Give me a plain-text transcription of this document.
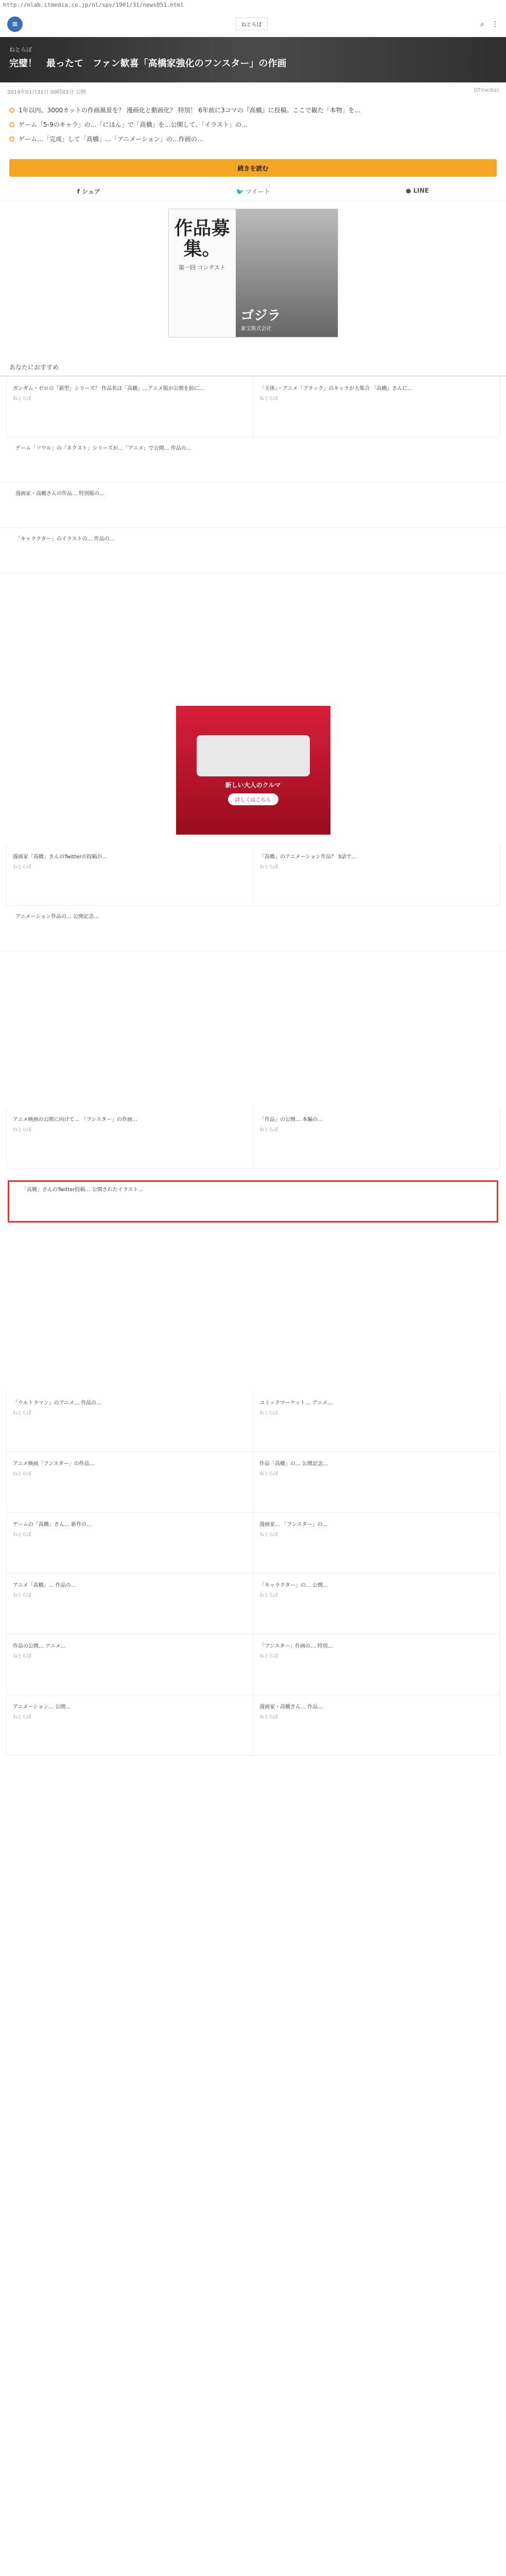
http://nlab.itmedia.co.jp/nl/spv/1901/31/news051.html
≡	ねとらぼ	⌕ ⋮
ねとらぼ
完璧！　最ったて　ファン歓喜「高橋家強化のフンスター」の作画
2019年01月31日 09時03分 公開	[ITmedia]
1年以内、3000カットの作画風景を？ 漫画化と動画化？ 特別！ 6年前に3コマの『高橋』に投稿。ここで観た「本物」を…
ゲーム「5-9のキャラ」の…「にほん」で「高橋」を…公開して、「イラスト」の…
ゲーム…「完成」して「高橋」…「アニメーション」の…作画の…
続きを読む
f シェア	🐦 ツイート	● LINE
作品募集。
第一回 コンテスト
ゴジラ
東宝株式会社
あなたにおすすめ
ガンダム・ゼロの「新型」シリーズ？ 作品名は「高橋」…アニメ版が公開を前に…
ねとらぼ
「天体」・アニメ「ブラック」のキャラが大集合 「高橋」さんに…
ねとらぼ
ゲーム「ソウル」の「ネクスト」シリーズが…「アニメ」で公開… 作品の…
漫画家・高橋さんの作品… 特別版の…
「キャラクター」のイラストの… 作品の…
新しい大人のクルマ
詳しくはこちら
漫画家「高橋」さんのTwitterの投稿が…
ねとらぼ
「高橋」のアニメーション作品？ 3話で…
ねとらぼ
アニメーション作品の… 公開記念…
アニメ映画の公開に向けて… 「フンスター」の作画…
ねとらぼ
「作品」の公開… 本編の…
ねとらぼ
「高橋」さんのTwitter投稿… 公開されたイラスト…
「ウルトラマン」のアニメ… 作品の…
ねとらぼ
コミックマーケット… アニメ…
ねとらぼ
アニメ映画「フンスター」の作品…
ねとらぼ
作品「高橋」の… 公開記念…
ねとらぼ
ゲームの「高橋」さん… 新作の…
ねとらぼ
漫画家… 「フンスター」の…
ねとらぼ
アニメ「高橋」… 作品の…
ねとらぼ
「キャラクター」の… 公開…
ねとらぼ
作品の公開… アニメ…
ねとらぼ
「フンスター」作画の… 特別…
ねとらぼ
アニメーション… 公開…
ねとらぼ
漫画家・高橋さん… 作品…
ねとらぼ
